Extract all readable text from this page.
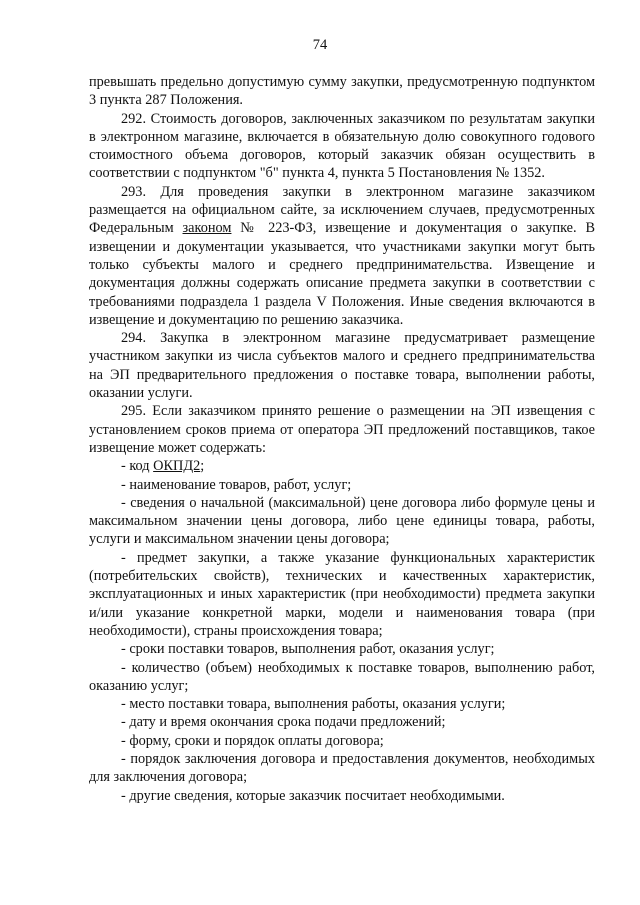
74

превышать предельно допустимую сумму закупки, предусмотренную подпунктом 3 пункта 287 Положения.

292. Стоимость договоров, заключенных заказчиком по результатам закупки в электронном магазине, включается в обязательную долю совокупного годового стоимостного объема договоров, который заказчик обязан осуществить в соответствии с подпунктом "б" пункта 4, пункта 5 Постановления № 1352.

293. Для проведения закупки в электронном магазине заказчиком размещается на официальном сайте, за исключением случаев, предусмотренных Федеральным законом № 223-ФЗ, извещение и документация о закупке. В извещении и документации указывается, что участниками закупки могут быть только субъекты малого и среднего предпринимательства. Извещение и документация должны содержать описание предмета закупки в соответствии с требованиями подраздела 1 раздела V Положения. Иные сведения включаются в извещение и документацию по решению заказчика.

294. Закупка в электронном магазине предусматривает размещение участником закупки из числа субъектов малого и среднего предпринимательства на ЭП предварительного предложения о поставке товара, выполнении работы, оказании услуги.

295. Если заказчиком принято решение о размещении на ЭП извещения с установлением сроков приема от оператора ЭП предложений поставщиков, такое извещение может содержать:

- код ОКПД2;

- наименование товаров, работ, услуг;

- сведения о начальной (максимальной) цене договора либо формуле цены и максимальном значении цены договора, либо цене единицы товара, работы, услуги и максимальном значении цены договора;

- предмет закупки, а также указание функциональных характеристик (потребительских свойств), технических и качественных характеристик, эксплуатационных и иных характеристик (при необходимости) предмета закупки и/или указание конкретной марки, модели и наименования товара (при необходимости), страны происхождения товара;

- сроки поставки товаров, выполнения работ, оказания услуг;

- количество (объем) необходимых к поставке товаров, выполнению работ, оказанию услуг;

- место поставки товара, выполнения работы, оказания услуги;

- дату и время окончания срока подачи предложений;

- форму, сроки и порядок оплаты договора;

- порядок заключения договора и предоставления документов, необходимых для заключения договора;

- другие сведения, которые заказчик посчитает необходимыми.
